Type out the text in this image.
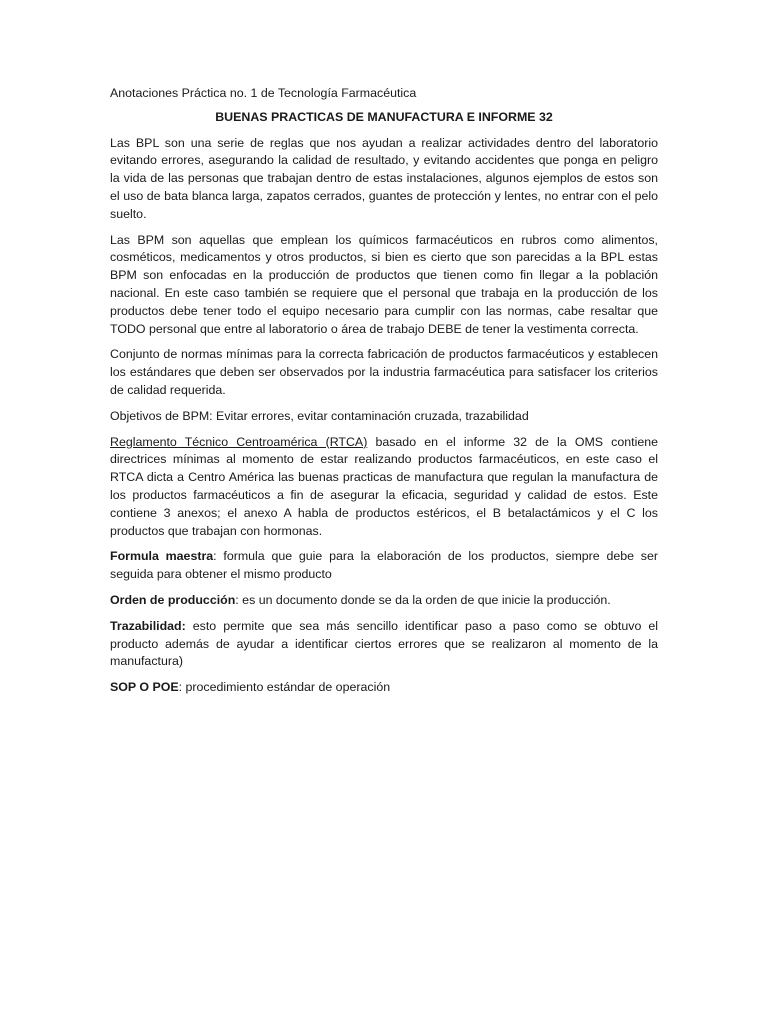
Anotaciones Práctica no. 1 de Tecnología Farmacéutica

BUENAS PRACTICAS DE MANUFACTURA E INFORME 32

Las BPL son una serie de reglas que nos ayudan a realizar actividades dentro del laboratorio evitando errores, asegurando la calidad de resultado, y evitando accidentes que ponga en peligro la vida de las personas que trabajan dentro de estas instalaciones, algunos ejemplos de estos son el uso de bata blanca larga, zapatos cerrados, guantes de protección y lentes, no entrar con el pelo suelto.

Las BPM son aquellas que emplean los químicos farmacéuticos en rubros como alimentos, cosméticos, medicamentos y otros productos, si bien es cierto que son parecidas a la BPL estas BPM son enfocadas en la producción de productos que tienen como fin llegar a la población nacional. En este caso también se requiere que el personal que trabaja en la producción de los productos debe tener todo el equipo necesario para cumplir con las normas, cabe resaltar que TODO personal que entre al laboratorio o área de trabajo DEBE de tener la vestimenta correcta.

Conjunto de normas mínimas para la correcta fabricación de productos farmacéuticos y establecen los estándares que deben ser observados por la industria farmacéutica para satisfacer los criterios de calidad requerida.

Objetivos de BPM: Evitar errores, evitar contaminación cruzada, trazabilidad

Reglamento Técnico Centroamérica (RTCA) basado en el informe 32 de la OMS contiene directrices mínimas al momento de estar realizando productos farmacéuticos, en este caso el RTCA dicta a Centro América las buenas practicas de manufactura que regulan la manufactura de los productos farmacéuticos a fin de asegurar la eficacia, seguridad y calidad de estos. Este contiene 3 anexos; el anexo A habla de productos estéricos, el B betalactámicos y el C los productos que trabajan con hormonas.

Formula maestra: formula que guie para la elaboración de los productos, siempre debe ser seguida para obtener el mismo producto

Orden de producción: es un documento donde se da la orden de que inicie la producción.

Trazabilidad: esto permite que sea más sencillo identificar paso a paso como se obtuvo el producto además de ayudar a identificar ciertos errores que se realizaron al momento de la manufactura)

SOP O POE: procedimiento estándar de operación
